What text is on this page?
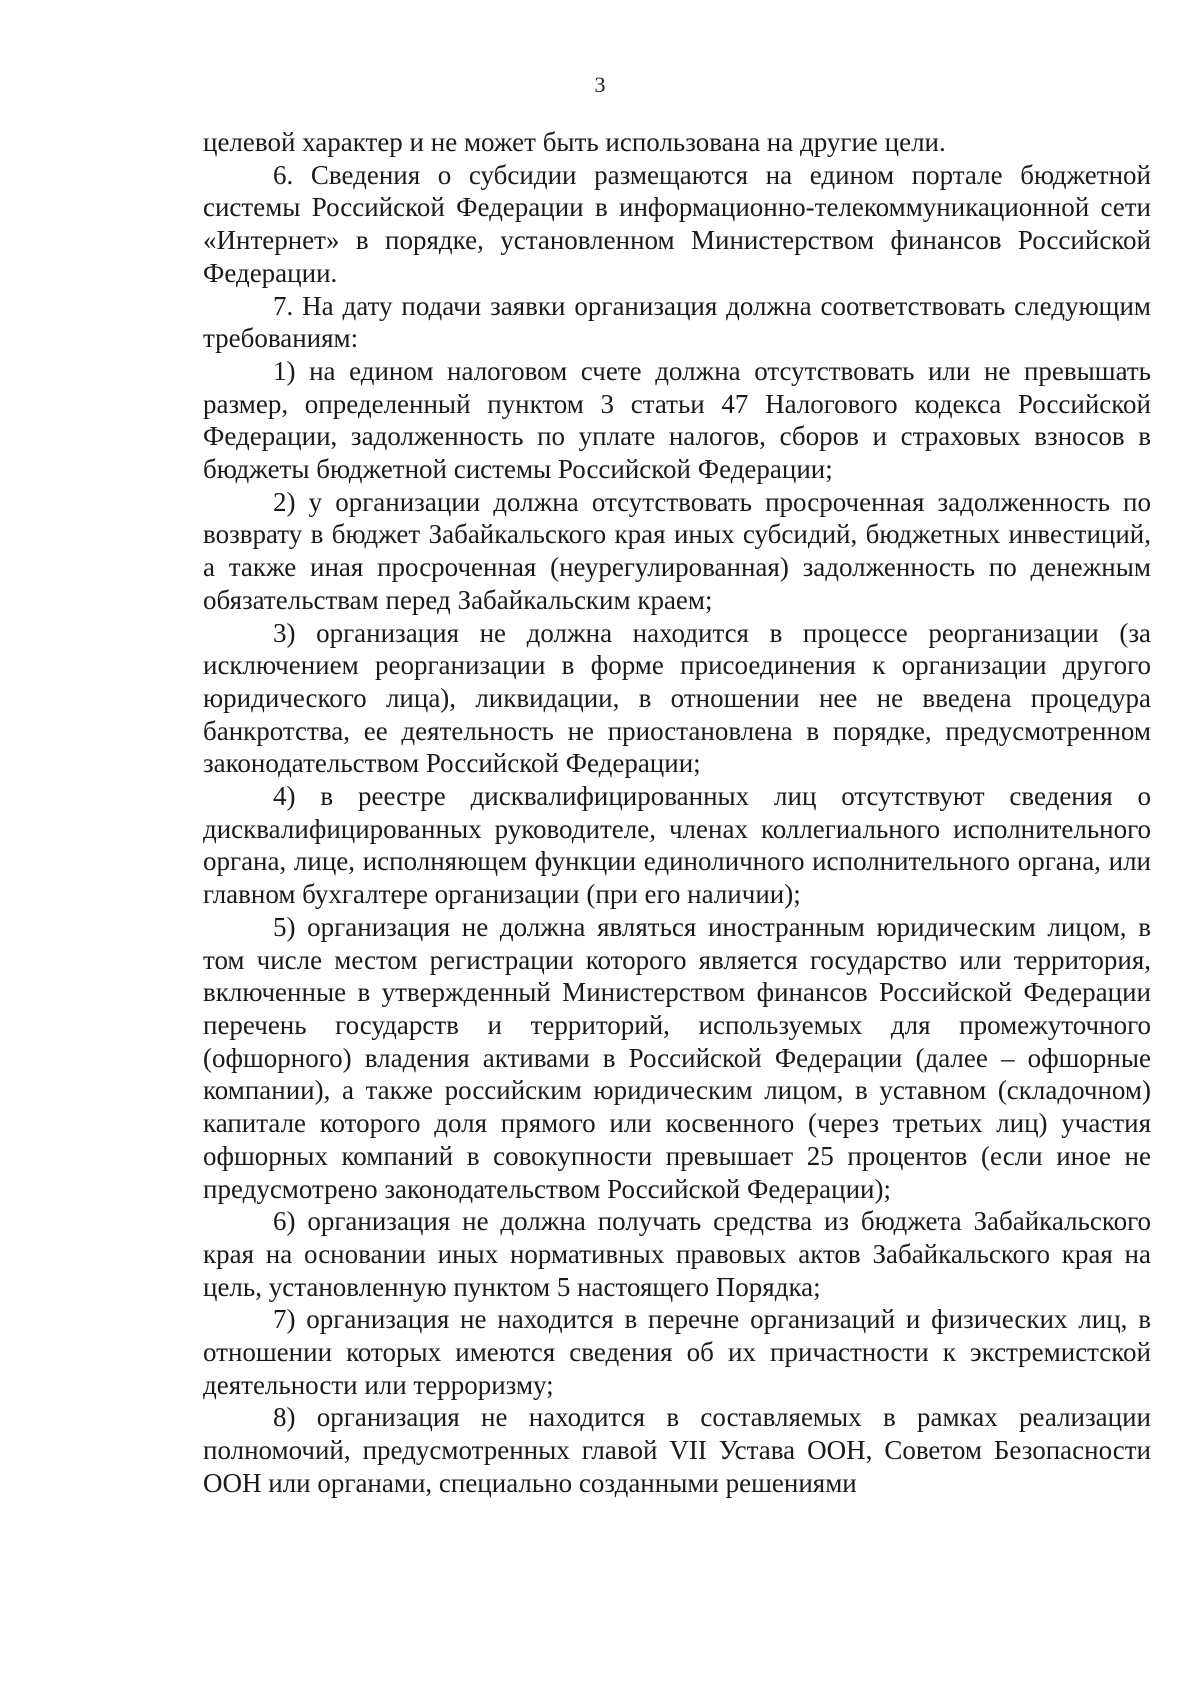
3

целевой характер и не может быть использована на другие цели.

6. Сведения о субсидии размещаются на едином портале бюджетной системы Российской Федерации в информационно-телекоммуникационной сети «Интернет» в порядке, установленном Министерством финансов Российской Федерации.

7. На дату подачи заявки организация должна соответствовать следующим требованиям:

1) на едином налоговом счете должна отсутствовать или не превышать размер, определенный пунктом 3 статьи 47 Налогового кодекса Российской Федерации, задолженность по уплате налогов, сборов и страховых взносов в бюджеты бюджетной системы Российской Федерации;

2) у организации должна отсутствовать просроченная задолженность по возврату в бюджет Забайкальского края иных субсидий, бюджетных инвестиций, а также иная просроченная (неурегулированная) задолженность по денежным обязательствам перед Забайкальским краем;

3) организация не должна находится в процессе реорганизации (за исключением реорганизации в форме присоединения к организации другого юридического лица), ликвидации, в отношении нее не введена процедура банкротства, ее деятельность не приостановлена в порядке, предусмотренном законодательством Российской Федерации;

4) в реестре дисквалифицированных лиц отсутствуют сведения о дисквалифицированных руководителе, членах коллегиального исполнительного органа, лице, исполняющем функции единоличного исполнительного органа, или главном бухгалтере организации (при его наличии);

5) организация не должна являться иностранным юридическим лицом, в том числе местом регистрации которого является государство или территория, включенные в утвержденный Министерством финансов Российской Федерации перечень государств и территорий, используемых для промежуточного (офшорного) владения активами в Российской Федерации (далее – офшорные компании), а также российским юридическим лицом, в уставном (складочном) капитале которого доля прямого или косвенного (через третьих лиц) участия офшорных компаний в совокупности превышает 25 процентов (если иное не предусмотрено законодательством Российской Федерации);

6) организация не должна получать средства из бюджета Забайкальского края на основании иных нормативных правовых актов Забайкальского края на цель, установленную пунктом 5 настоящего Порядка;

7) организация не находится в перечне организаций и физических лиц, в отношении которых имеются сведения об их причастности к экстремистской деятельности или терроризму;

8) организация не находится в составляемых в рамках реализации полномочий, предусмотренных главой VII Устава ООН, Советом Безопасности ООН или органами, специально созданными решениями
